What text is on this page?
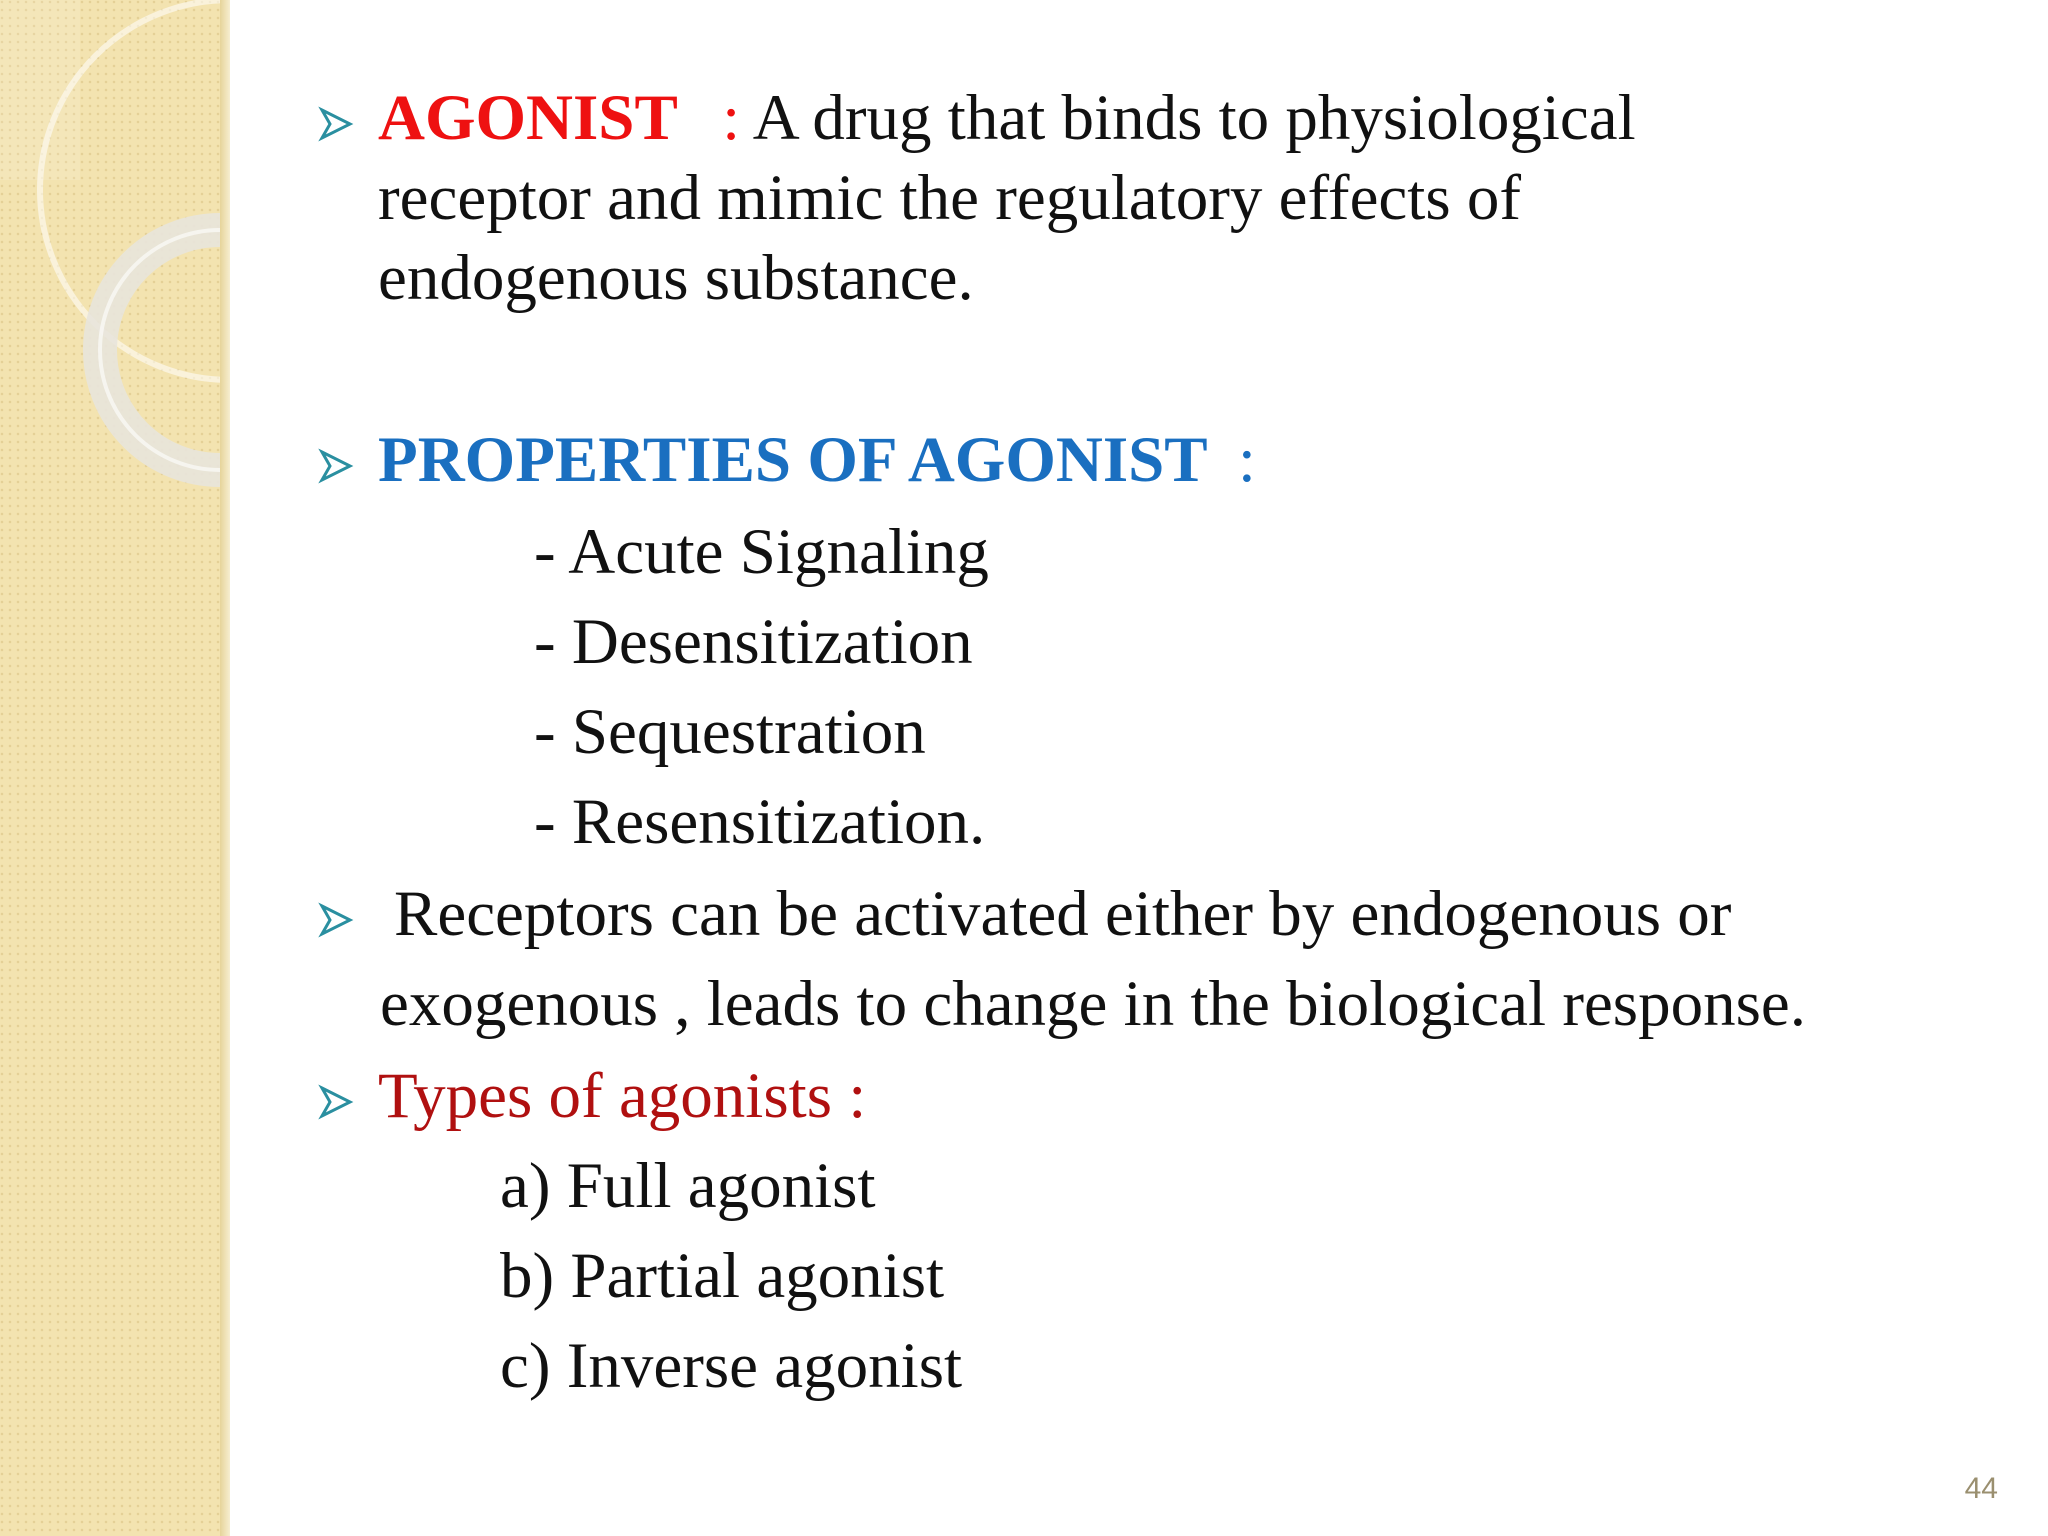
AGONIST : A drug that binds to physiological
receptor and mimic the regulatory effects of
endogenous substance.
PROPERTIES OF AGONIST :
- Acute Signaling
- Desensitization
- Sequestration
- Resensitization.
Receptors can be activated either by endogenous or
exogenous , leads to change in the biological response.
Types of agonists :
a) Full agonist
b) Partial agonist
c) Inverse agonist
44
